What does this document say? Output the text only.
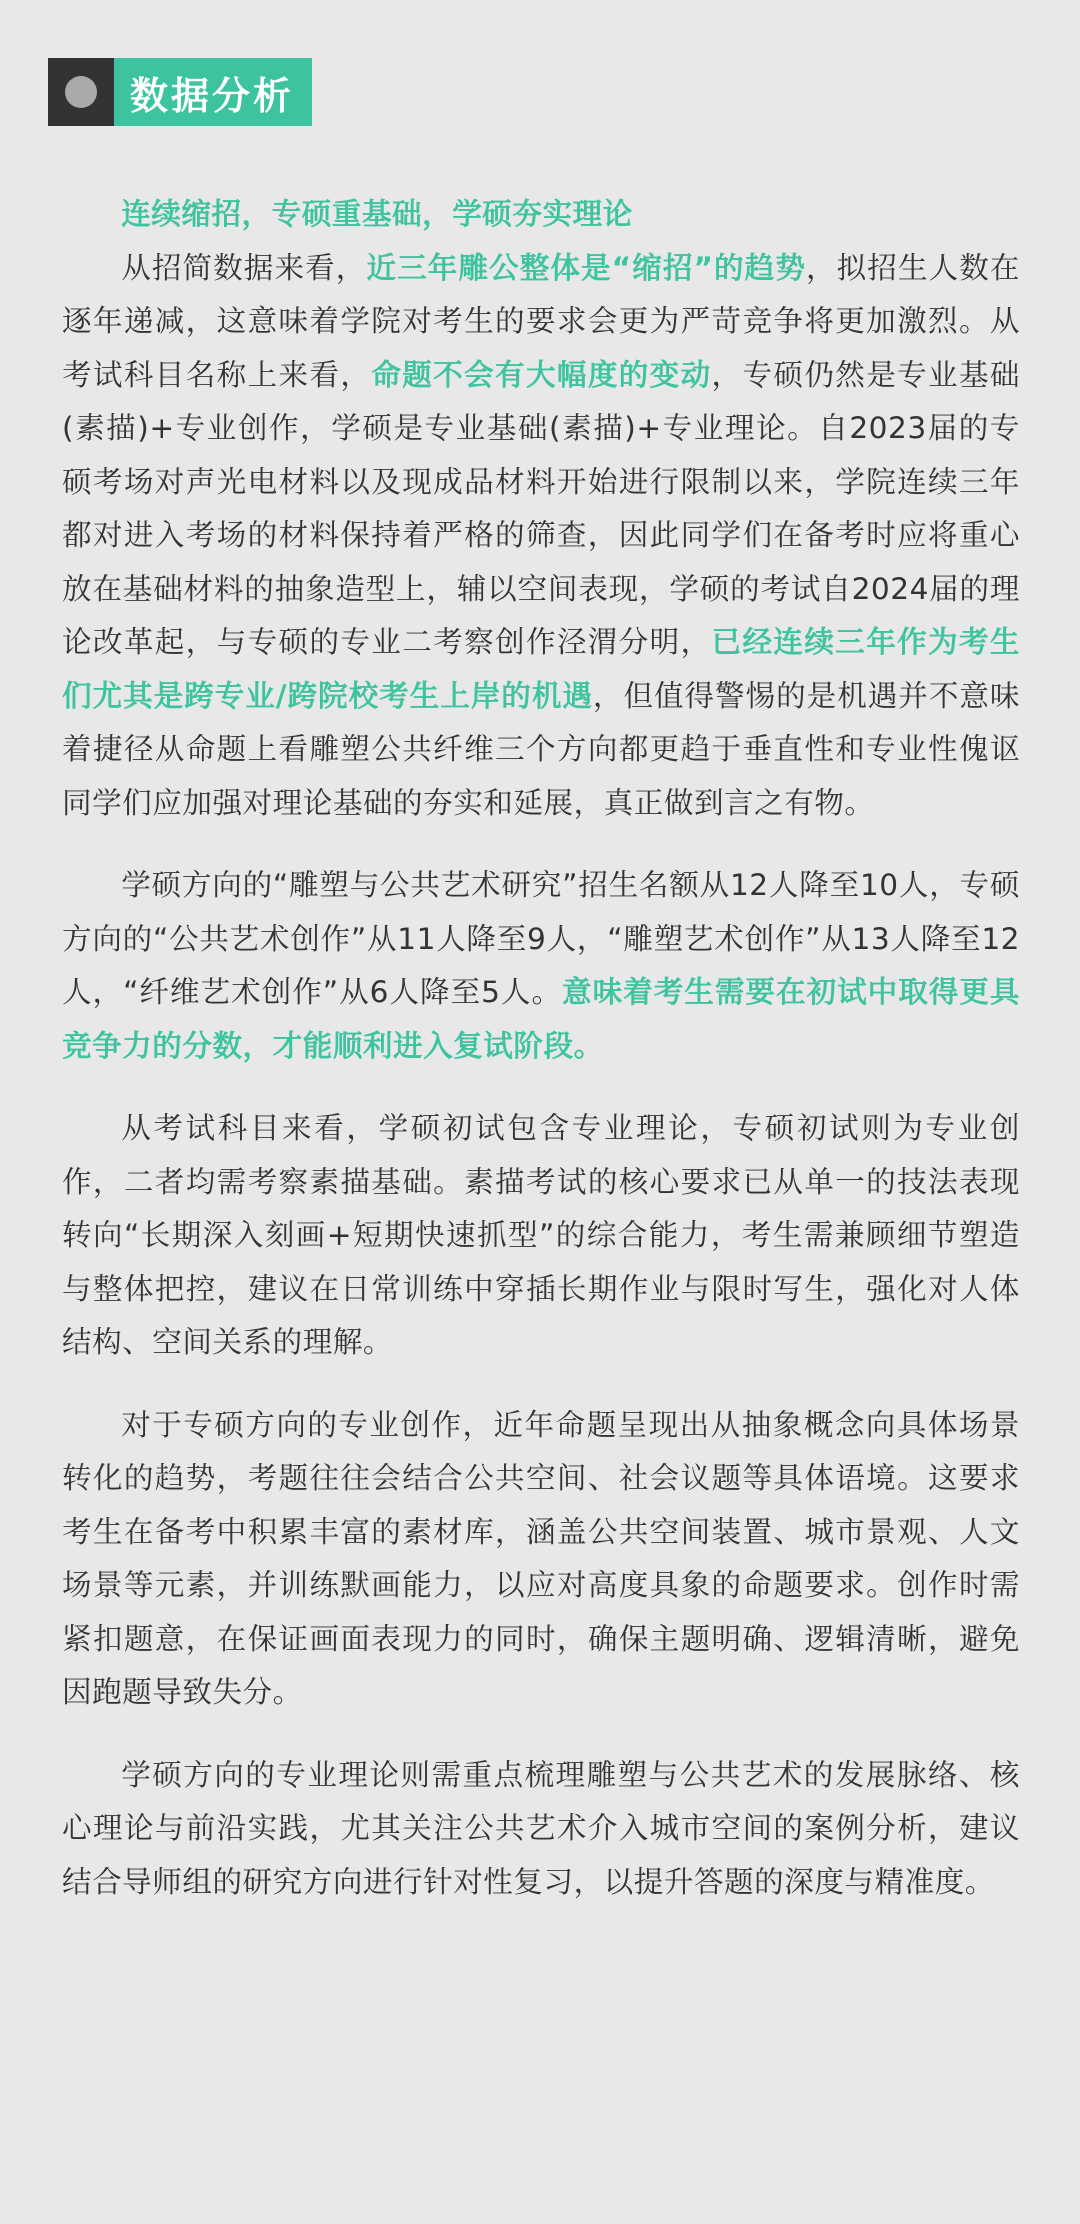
数据分析

连续缩招，专硕重基础，学硕夯实理论

从招简数据来看，近三年雕公整体是“缩招”的趋势，拟招生人数在逐年递减，这意味着学院对考生的要求会更为严苛竞争将更加激烈。从考试科目名称上来看，命题不会有大幅度的变动，专硕仍然是专业基础(素描)+专业创作，学硕是专业基础(素描)+专业理论。自2023届的专硕考场对声光电材料以及现成品材料开始进行限制以来，学院连续三年都对进入考场的材料保持着严格的筛查，因此同学们在备考时应将重心放在基础材料的抽象造型上，辅以空间表现，学硕的考试自2024届的理论改革起，与专硕的专业二考察创作泾渭分明，已经连续三年作为考生们尤其是跨专业/跨院校考生上岸的机遇，但值得警惕的是机遇并不意味着捷径从命题上看雕塑公共纤维三个方向都更趋于垂直性和专业性傀讴同学们应加强对理论基础的夯实和延展，真正做到言之有物。

学硕方向的“雕塑与公共艺术研究”招生名额从12人降至10人，专硕方向的“公共艺术创作”从11人降至9人，“雕塑艺术创作”从13人降至12人，“纤维艺术创作”从6人降至5人。意味着考生需要在初试中取得更具竞争力的分数，才能顺利进入复试阶段。

从考试科目来看，学硕初试包含专业理论，专硕初试则为专业创作，二者均需考察素描基础。素描考试的核心要求已从单一的技法表现转向“长期深入刻画+短期快速抓型”的综合能力，考生需兼顾细节塑造与整体把控，建议在日常训练中穿插长期作业与限时写生，强化对人体结构、空间关系的理解。

对于专硕方向的专业创作，近年命题呈现出从抽象概念向具体场景转化的趋势，考题往往会结合公共空间、社会议题等具体语境。这要求考生在备考中积累丰富的素材库，涵盖公共空间装置、城市景观、人文场景等元素，并训练默画能力，以应对高度具象的命题要求。创作时需紧扣题意，在保证画面表现力的同时，确保主题明确、逻辑清晰，避免因跑题导致失分。

学硕方向的专业理论则需重点梳理雕塑与公共艺术的发展脉络、核心理论与前沿实践，尤其关注公共艺术介入城市空间的案例分析，建议结合导师组的研究方向进行针对性复习，以提升答题的深度与精准度。
